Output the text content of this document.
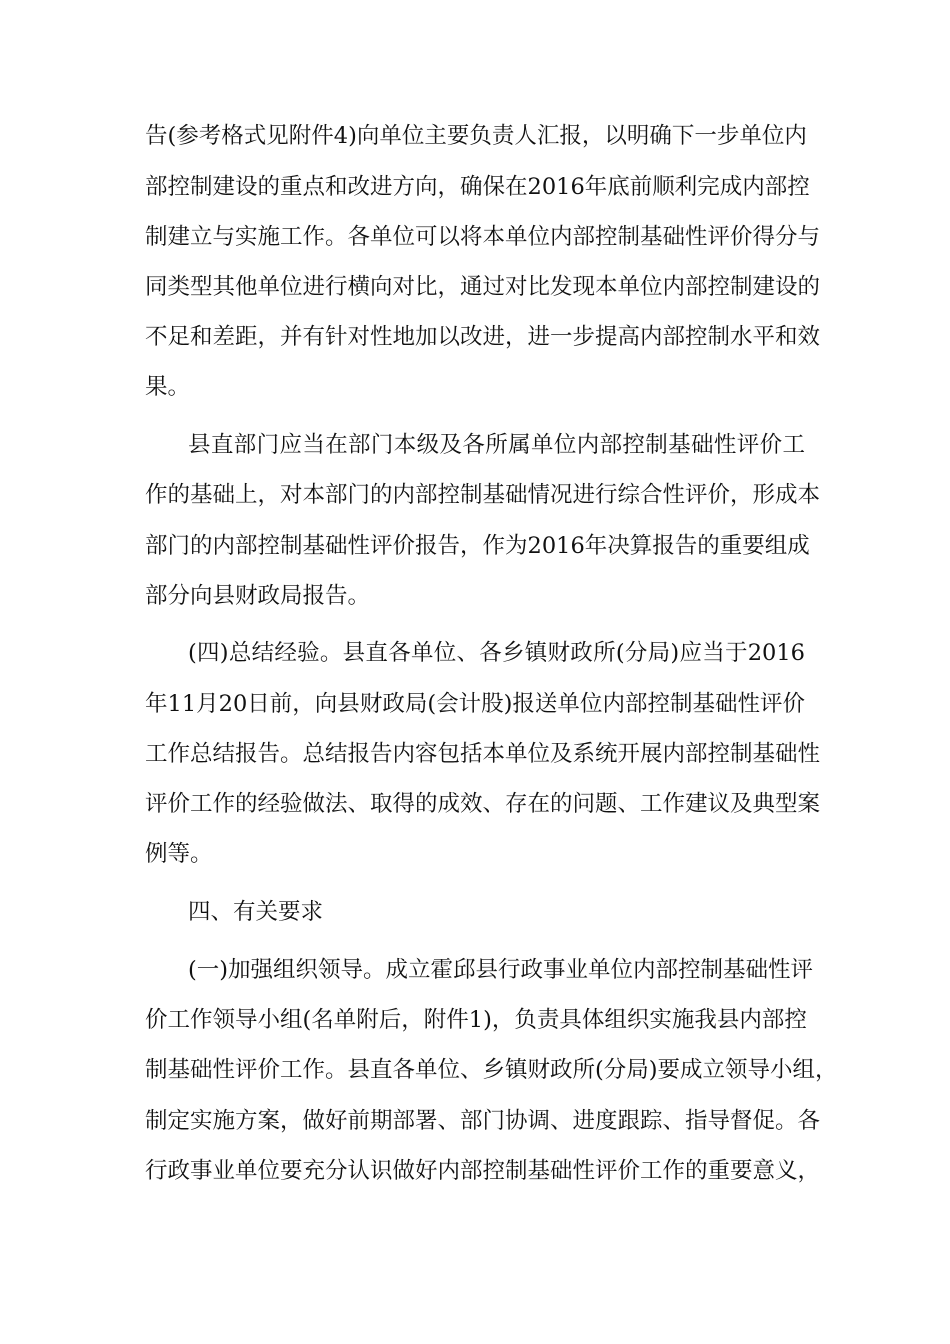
告(参考格式见附件4)向单位主要负责人汇报，以明确下一步单位内
部控制建设的重点和改进方向，确保在2016年底前顺利完成内部控
制建立与实施工作。各单位可以将本单位内部控制基础性评价得分与
同类型其他单位进行横向对比，通过对比发现本单位内部控制建设的
不足和差距，并有针对性地加以改进，进一步提高内部控制水平和效
果。
县直部门应当在部门本级及各所属单位内部控制基础性评价工
作的基础上，对本部门的内部控制基础情况进行综合性评价，形成本
部门的内部控制基础性评价报告，作为2016年决算报告的重要组成
部分向县财政局报告。
(四)总结经验。县直各单位、各乡镇财政所(分局)应当于2016
年11月20日前，向县财政局(会计股)报送单位内部控制基础性评价
工作总结报告。总结报告内容包括本单位及系统开展内部控制基础性
评价工作的经验做法、取得的成效、存在的问题、工作建议及典型案
例等。
四、有关要求
(一)加强组织领导。成立霍邱县行政事业单位内部控制基础性评
价工作领导小组(名单附后，附件1)，负责具体组织实施我县内部控
制基础性评价工作。县直各单位、乡镇财政所(分局)要成立领导小组，
制定实施方案，做好前期部署、部门协调、进度跟踪、指导督促。各
行政事业单位要充分认识做好内部控制基础性评价工作的重要意义，
